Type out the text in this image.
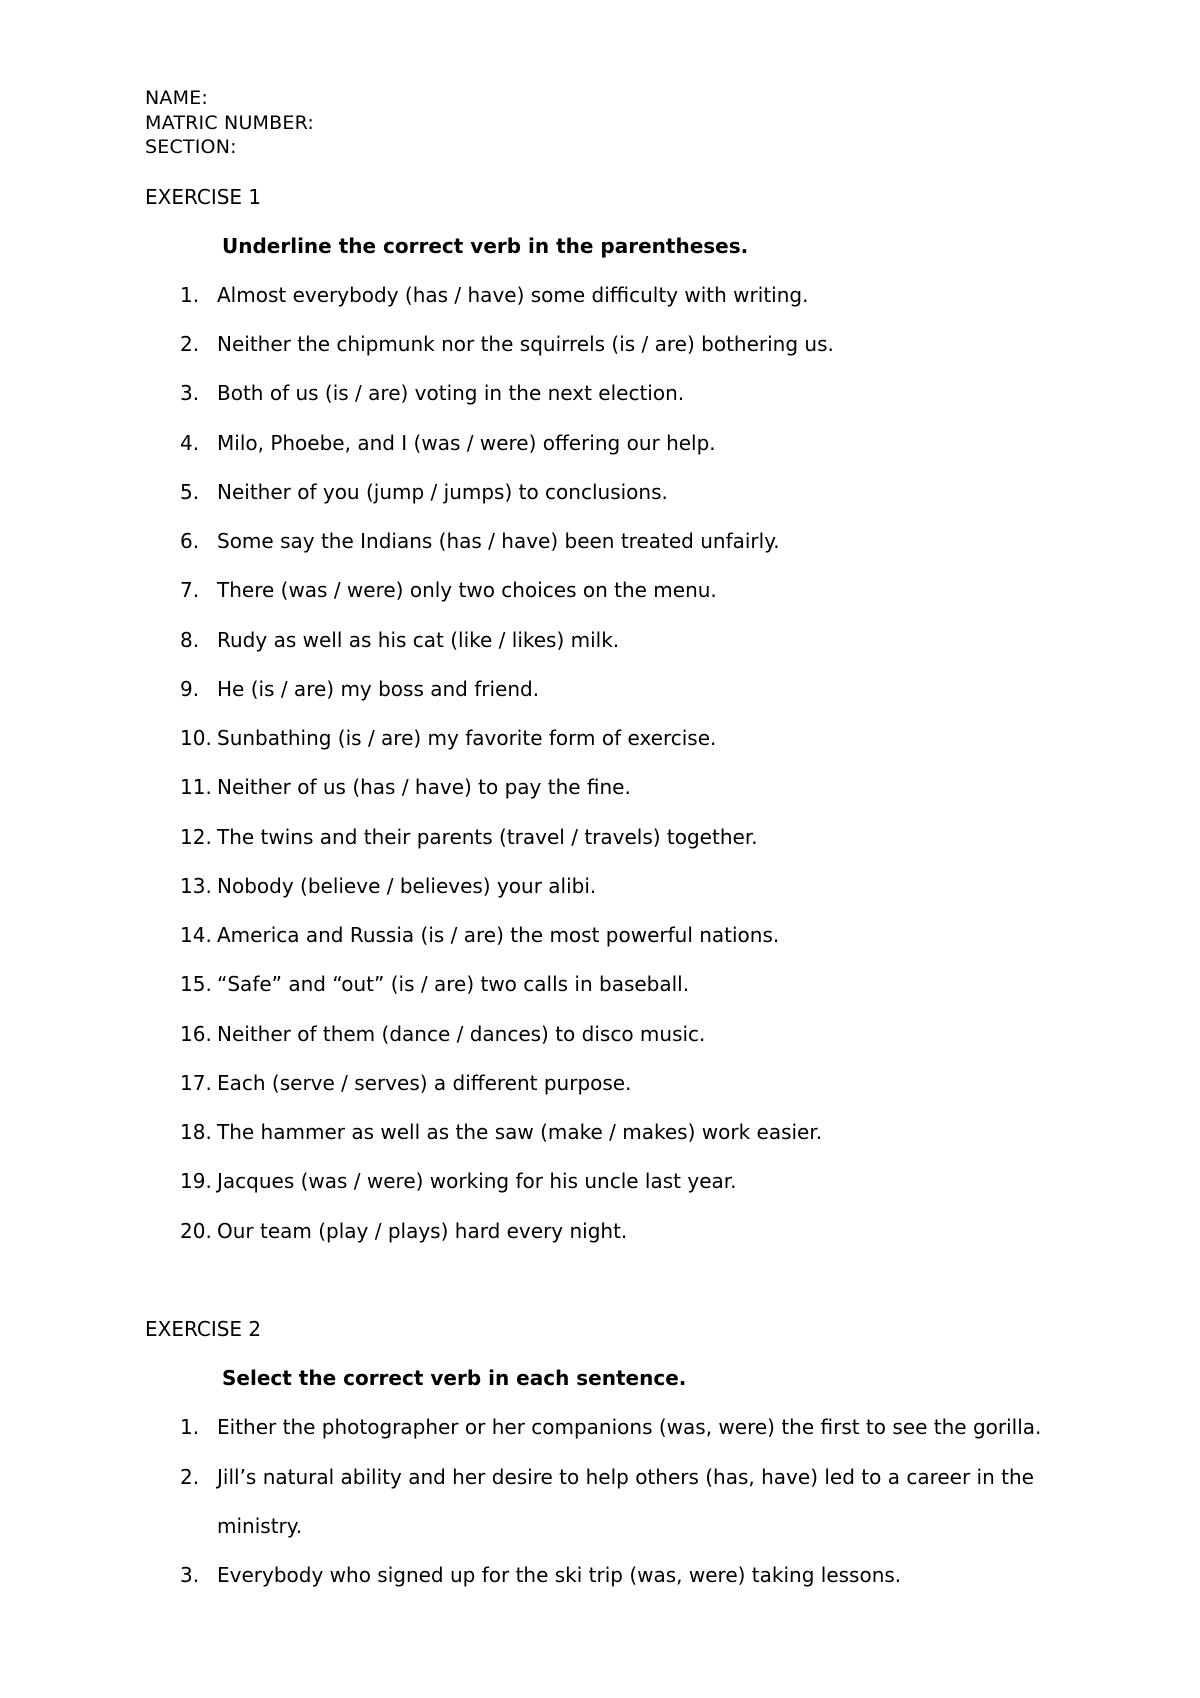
NAME:
MATRIC NUMBER:
SECTION:
EXERCISE 1
Underline the correct verb in the parentheses.
1. Almost everybody (has / have) some difficulty with writing.
2. Neither the chipmunk nor the squirrels (is / are) bothering us.
3. Both of us (is / are) voting in the next election.
4. Milo, Phoebe, and I (was / were) offering our help.
5. Neither of you (jump / jumps) to conclusions.
6. Some say the Indians (has / have) been treated unfairly.
7. There (was / were) only two choices on the menu.
8. Rudy as well as his cat (like / likes) milk.
9. He (is / are) my boss and friend.
10. Sunbathing (is / are) my favorite form of exercise.
11. Neither of us (has / have) to pay the fine.
12. The twins and their parents (travel / travels) together.
13. Nobody (believe / believes) your alibi.
14. America and Russia (is / are) the most powerful nations.
15. “Safe” and “out” (is / are) two calls in baseball.
16. Neither of them (dance / dances) to disco music.
17. Each (serve / serves) a different purpose.
18. The hammer as well as the saw (make / makes) work easier.
19. Jacques (was / were) working for his uncle last year.
20. Our team (play / plays) hard every night.
EXERCISE 2
Select the correct verb in each sentence.
1. Either the photographer or her companions (was, were) the first to see the gorilla.
2. Jill’s natural ability and her desire to help others (has, have) led to a career in the
ministry.
3. Everybody who signed up for the ski trip (was, were) taking lessons.
